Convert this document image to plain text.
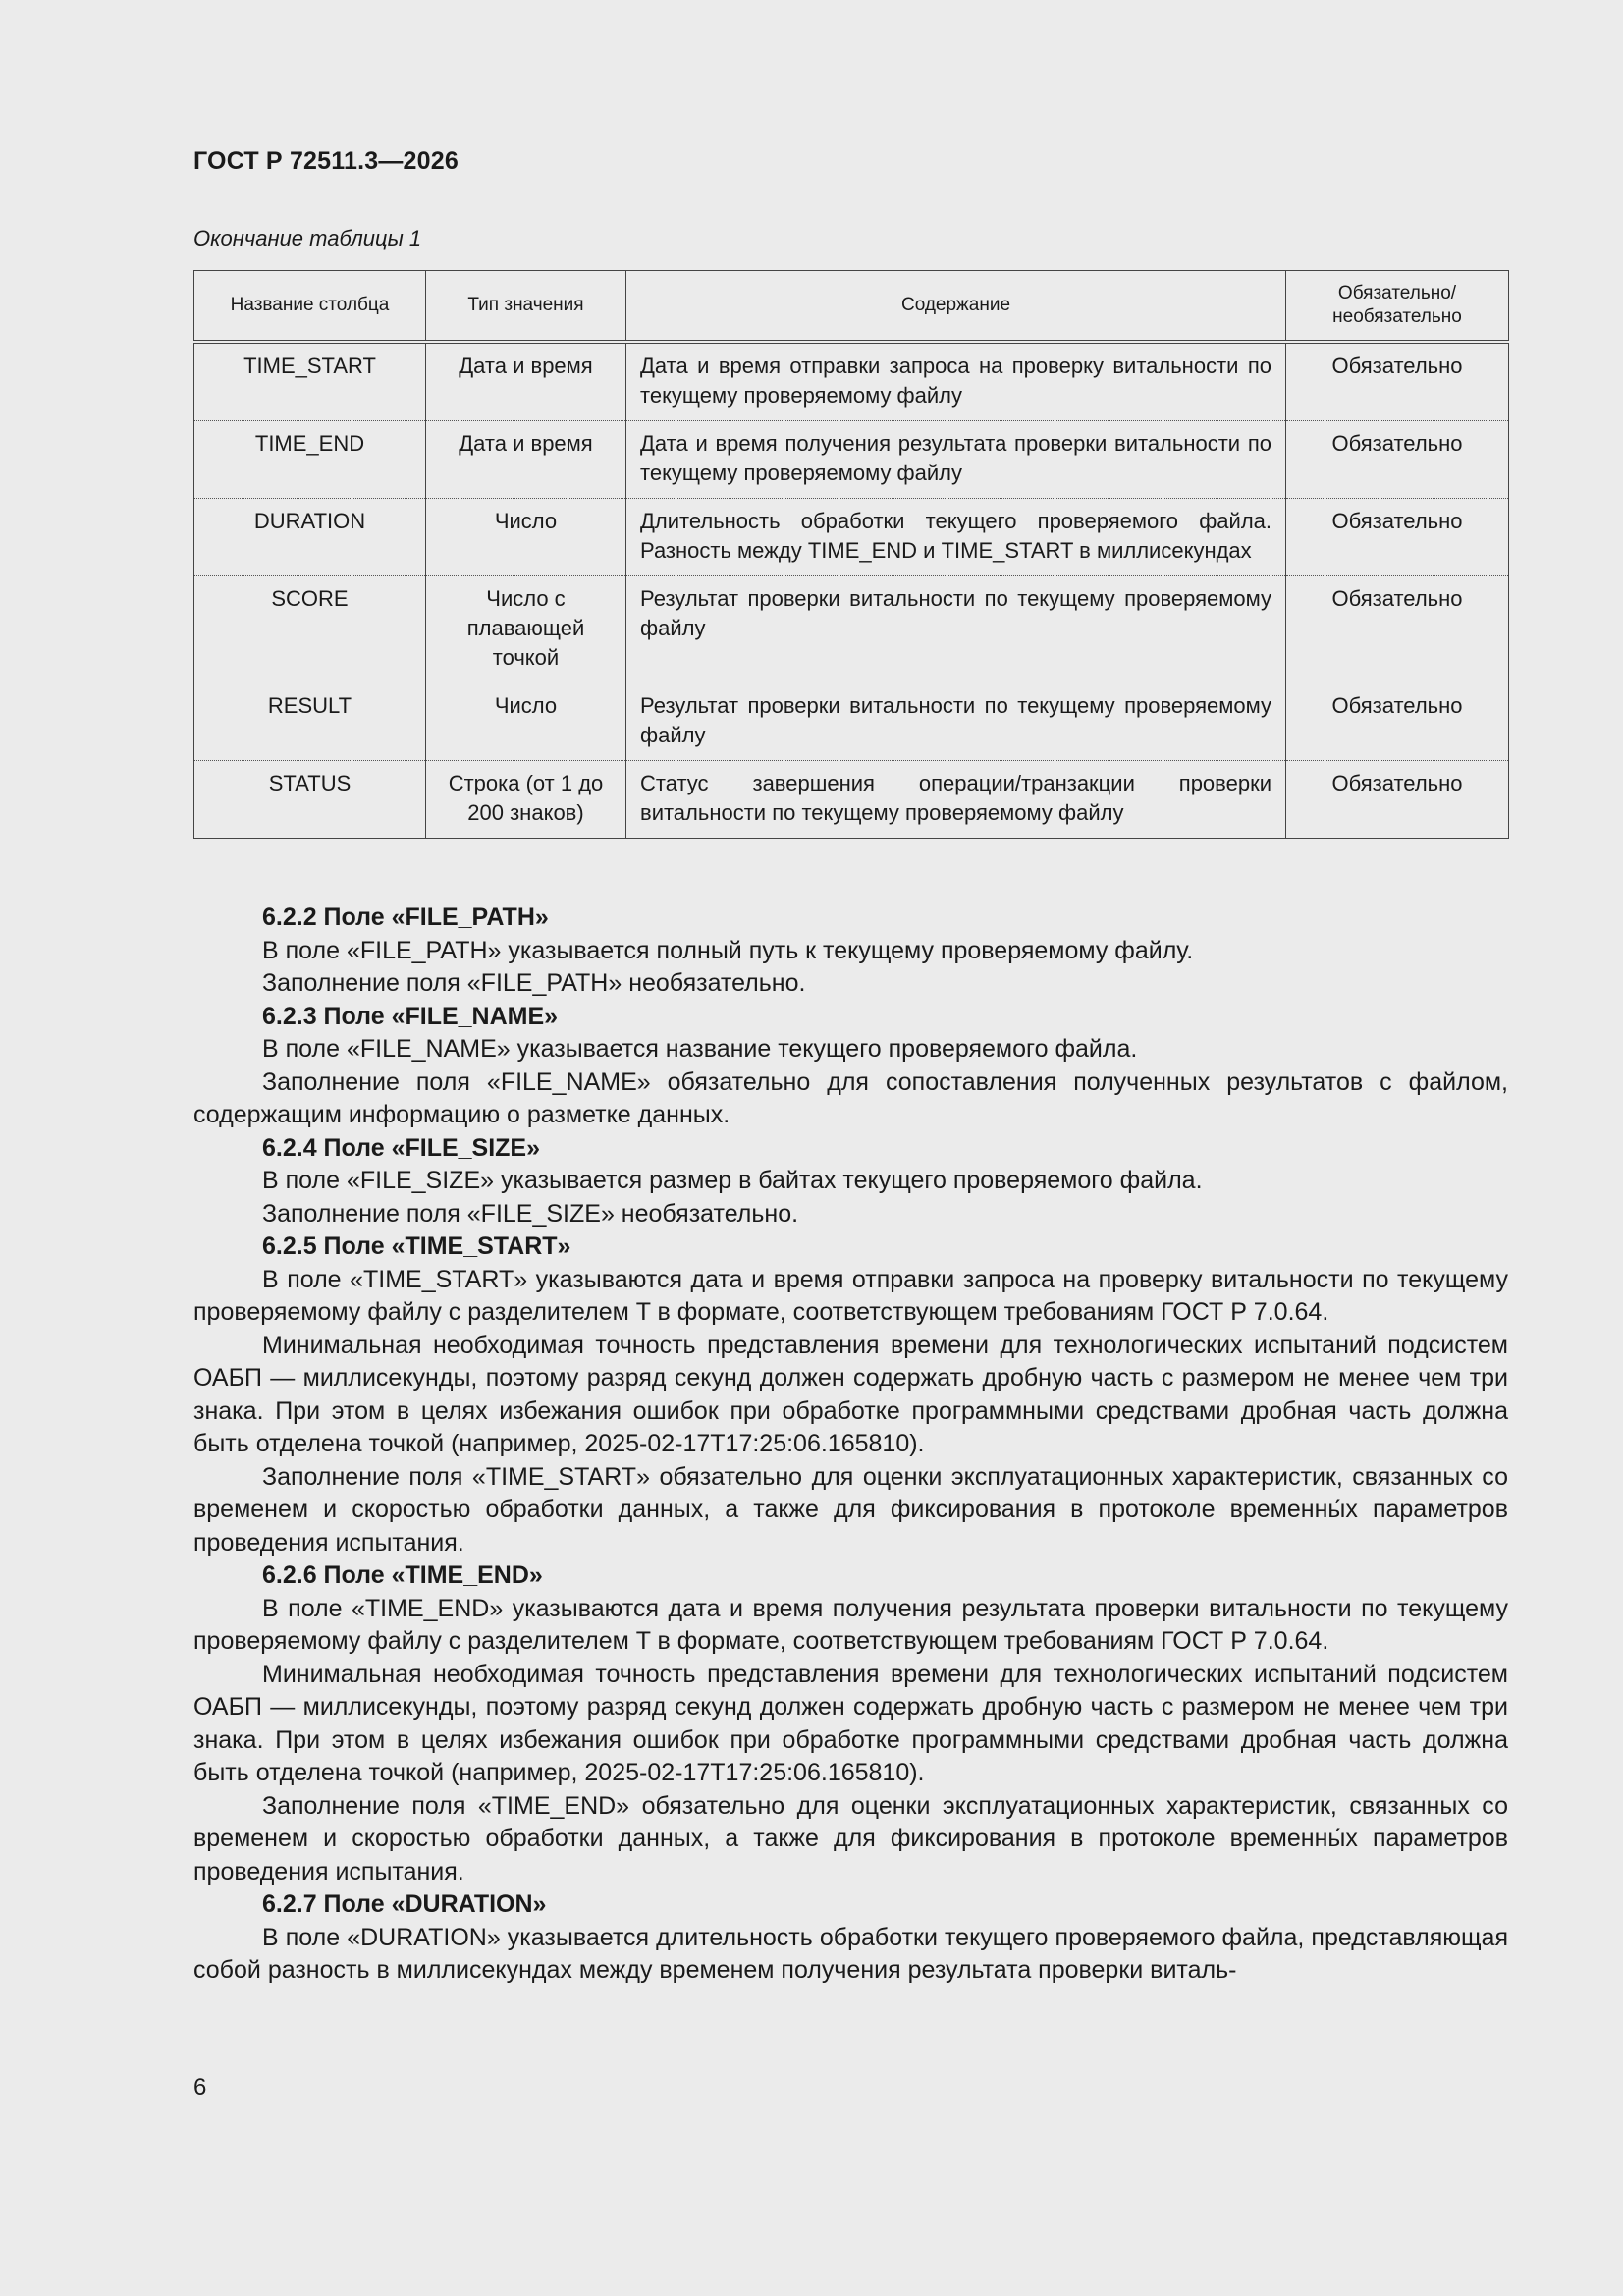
ГОСТ Р 72511.3—2026
Окончание таблицы 1
Название столбца	Тип значения	Содержание	Обязательно/ необязательно
TIME_START	Дата и время	Дата и время отправки запроса на проверку витальности по текущему проверяемому файлу	Обязательно
TIME_END	Дата и время	Дата и время получения результата проверки витальности по текущему проверяемому файлу	Обязательно
DURATION	Число	Длительность обработки текущего проверяемого файла. Разность между TIME_END и TIME_START в миллисекундах	Обязательно
SCORE	Число с плавающей точкой	Результат проверки витальности по текущему проверяемому файлу	Обязательно
RESULT	Число	Результат проверки витальности по текущему проверяемому файлу	Обязательно
STATUS	Строка (от 1 до 200 знаков)	Статус завершения операции/транзакции проверки витальности по текущему проверяемому файлу	Обязательно

6.2.2 Поле «FILE_PATH»

В поле «FILE_PATH» указывается полный путь к текущему проверяемому файлу.

Заполнение поля «FILE_PATH» необязательно.

6.2.3 Поле «FILE_NAME»

В поле «FILE_NAME» указывается название текущего проверяемого файла.

Заполнение поля «FILE_NAME» обязательно для сопоставления полученных результатов с файлом, содержащим информацию о разметке данных.

6.2.4 Поле «FILE_SIZE»

В поле «FILE_SIZE» указывается размер в байтах текущего проверяемого файла.

Заполнение поля «FILE_SIZE» необязательно.

6.2.5 Поле «TIME_START»

В поле «TIME_START» указываются дата и время отправки запроса на проверку витальности по текущему проверяемому файлу с разделителем T в формате, соответствующем требованиям ГОСТ Р 7.0.64.

Минимальная необходимая точность представления времени для технологических испытаний подсистем ОАБП — миллисекунды, поэтому разряд секунд должен содержать дробную часть с размером не менее чем три знака. При этом в целях избежания ошибок при обработке программными средствами дробная часть должна быть отделена точкой (например, 2025-02-17T17:25:06.165810).

Заполнение поля «TIME_START» обязательно для оценки эксплуатационных характеристик, связанных со временем и скоростью обработки данных, а также для фиксирования в протоколе временны́х параметров проведения испытания.

6.2.6 Поле «TIME_END»

В поле «TIME_END» указываются дата и время получения результата проверки витальности по текущему проверяемому файлу с разделителем T в формате, соответствующем требованиям ГОСТ Р 7.0.64.

Минимальная необходимая точность представления времени для технологических испытаний подсистем ОАБП — миллисекунды, поэтому разряд секунд должен содержать дробную часть с размером не менее чем три знака. При этом в целях избежания ошибок при обработке программными средствами дробная часть должна быть отделена точкой (например, 2025-02-17T17:25:06.165810).

Заполнение поля «TIME_END» обязательно для оценки эксплуатационных характеристик, связанных со временем и скоростью обработки данных, а также для фиксирования в протоколе временны́х параметров проведения испытания.

6.2.7 Поле «DURATION»

В поле «DURATION» указывается длительность обработки текущего проверяемого файла, представляющая собой разность в миллисекундах между временем получения результата проверки виталь-

6
